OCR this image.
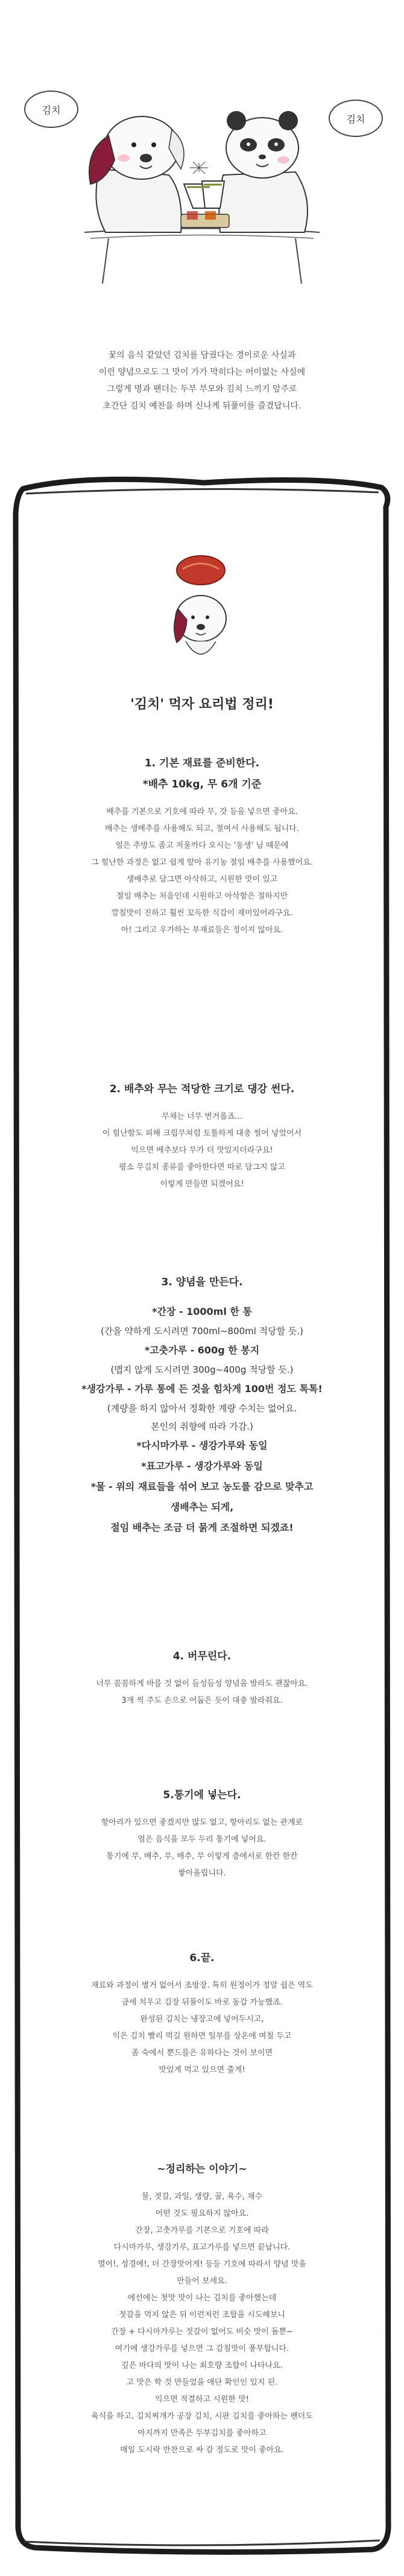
김치
김치
꿏의 음식 같았던 김치를 담궜다는 경이로운 사실과
이런 양념으로도 그 맛이 가가 막히다는 어이없는 사실에
그렇게 명과 팬더는 두부 부모와 김치 느끼기 앞주로
초간단 김치 예찬을 하며 신나게 뒤풀이를 즐겼답니다.
'김치' 먹자 요리법 정리!
1. 기본 재료를 준비한다.
*배추 10kg, 무 6개 기준
배추를 기본으로 기호에 따라 무, 갓 등을 넣으면 좋아요.
배추는 생배추를 사용해도 되고, 절여서 사용해도 됩니다.
얼은 추방도 좀고 저울까다 오시는 '동생' 님 때문에
그 힘난한 과정은 없고 쉽게 앞아 유기농 절임 배추를 사용했어요.
생배추로 담그면 아삭하고, 시원한 맛이 있고
절임 배추는 처음인데 시원하고 아삭함은 절하지만
깔칠맛이 진하고 훨씬 꼬득한 식감이 재미있어라구요.
아! 그리고 우가하는 부재료들은 정이지 않아요.
2. 배추와 무는 적당한 크기로 댕강 썬다.
무채는 너무 번거롭죠...
이 힘난함도 피해 크립무쳐럼 토톨하게 대충 썰어 넣었어서
익으면 배추보다 무가 더 맛있지더라구요!
평소 무김치 종류를 좋아한다면 따로 담그지 않고
이렇게 만들면 되겠어요!
3. 양념을 만든다.
*간장 - 1000ml 한 통
(간을 약하게 도시려면 700ml~800ml 적당할 듯.)
*고춧가루 - 600g 한 봉지
(맵지 않게 도시려면 300g~400g 적당할 듯.)
*생강가루 - 가루 통에 든 것을 힘차게 100번 정도 톡톡!
(계량을 하지 않아서 정확한 계량 수치는 없어요.
본인의 취향에 따라 가감.)
*다시마가루 - 생강가루와 동일
*표고가루 - 생강가루와 동일
*물 - 위의 재료들을 섞어 보고 농도를 감으로 맞추고
생배추는 되게,
절임 배추는 조금 더 묽게 조절하면 되겠죠!
4. 버무린다.
너무 꼼꼼하게 바를 것 없이 듬성듬성 양념을 발라도 괜찮아요.
3개 씩 주도 손으로 어둡은 듯이 대충 발라줘요.
5.통기에 넣는다.
항아리가 있으면 좋겠지만 많도 없고, 항아리도 없는 관계로
얼은 음식을 모두 두리 통기에 넣어요.
통기에 무, 배추, 무, 배추, 무 이렇게 층에서로 한칸 한칸
쌓아올립니다.
6.끝.
재료와 과정이 별거 없어서 조방장. 특히 원정이가 정말 쉽은 역도
금세 치우고 김장 뒤풀이도 바로 동갑 가능했죠.
완성된 김치는 냉장고에 넣어두시고,
익은 김치 빨리 먹길 원하면 일부를 상온에 며칠 두고
좀 숙에서 뿐드를은 유하다는 것이 보이면
맛있게 먹고 있으면 출게!
~정리하는 이야기~
물, 젓갈, 과일, 생량, 꿀, 육수, 채수
어떤 것도 필요하지 않아요.
간장, 고춧가루를 기본으로 기호에 따라
다시마가루, 생강가루, 표고가루를 넣으면 끝납니다.
멸어!, 성경에!, 더 간장맛어게! 등등 기호에 따라서 양념 맛을
만들어 보세요.
에선에는 첫맛 맛이 나는 김치를 좋아했는데
젓갈을 먹지 않은 뒤 이런저런 조합을 시도해보니
간장 + 다시마가루는 젓갈이 없어도 비슷 맛이 돌뿐~
여기에 생강가루를 넣으면 그 감칠맛이 풍부합니다.
깊은 바다의 맛이 나는 최호량 조합이 나타나요.
고 맛은 학 것 만들었을 애단 확인인 있지 된.
익으면 적결하고 시원한 맛!
육식을 하고, 김치찌개가 공장 김치, 시판 김치를 좋아하는 팬더도
아지까지 만족은 두부김치를 좋아하고
매일 도시락 반찬으로 싸 갈 정도로 맛이 좋아요.
